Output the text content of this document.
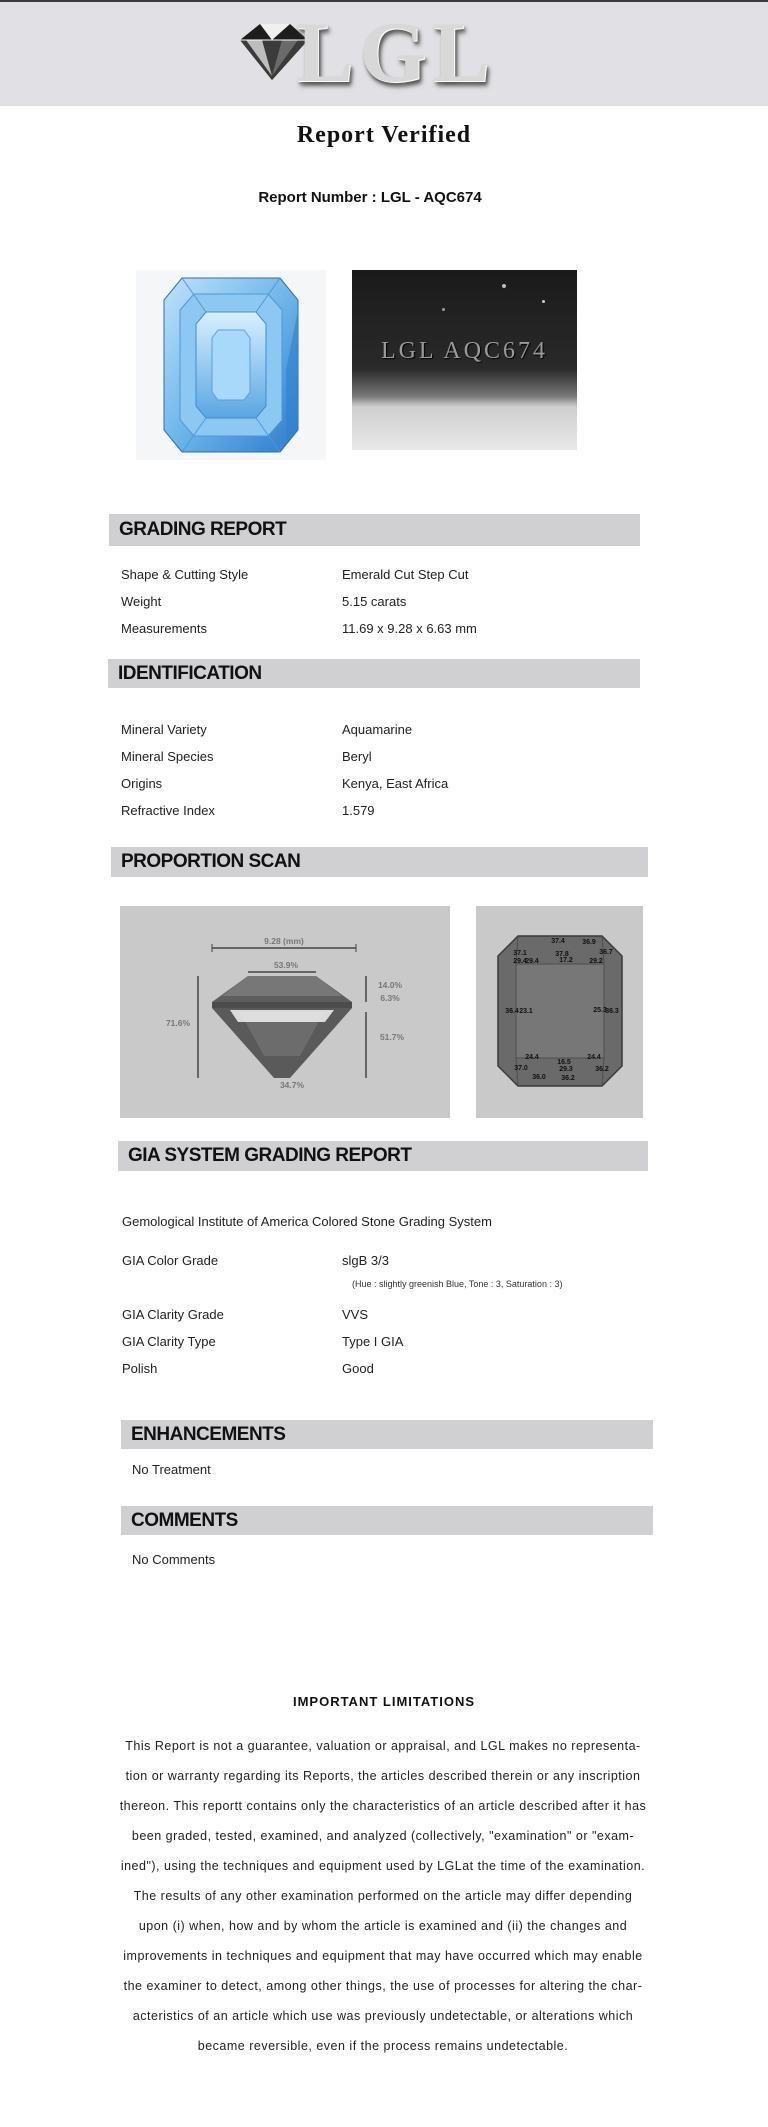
LGL
Report Verified
Report Number : LGL - AQC674
LGL AQC674
GRADING REPORT
Shape & Cutting Style	Emerald Cut Step Cut
Weight	5.15 carats
Measurements	11.69 x 9.28 x 6.63 mm
IDENTIFICATION
Mineral Variety	Aquamarine
Mineral Species	Beryl
Origins	Kenya, East Africa
Refractive Index	1.579
PROPORTION SCAN
9.28 (mm)
53.9%
71.6%
14.0%
6.3%
51.7%
34.7%
37.4 36.9
36.7
37.1	37.8
29.4
29.4	17.2 29.2
36.4 23.1	25.3
36.3
24.4
16.5
24.4
37.0	29.3	36.2
36.0 36.2
GIA SYSTEM GRADING REPORT
Gemological Institute of America Colored Stone Grading System
GIA Color Grade	slgB 3/3
(Hue : slightly greenish Blue, Tone : 3, Saturation : 3)
GIA Clarity Grade	VVS
GIA Clarity Type	Type I GIA
Polish	Good
ENHANCEMENTS
No Treatment
COMMENTS
No Comments
IMPORTANT LIMITATIONS
This Report is not a guarantee, valuation or appraisal, and LGL makes no representa-
tion or warranty regarding its Reports, the articles described therein or any inscription
thereon. This reportt contains only the characteristics of an article described after it has
been graded, tested, examined, and analyzed (collectively, "examination" or "exam-
ined"), using the techniques and equipment used by LGLat the time of the examination.
The results of any other examination performed on the article may differ depending
upon (i) when, how and by whom the article is examined and (ii) the changes and
improvements in techniques and equipment that may have occurred which may enable
the examiner to detect, among other things, the use of processes for altering the char-
acteristics of an article which use was previously undetectable, or alterations which
became reversible, even if the process remains undetectable.
